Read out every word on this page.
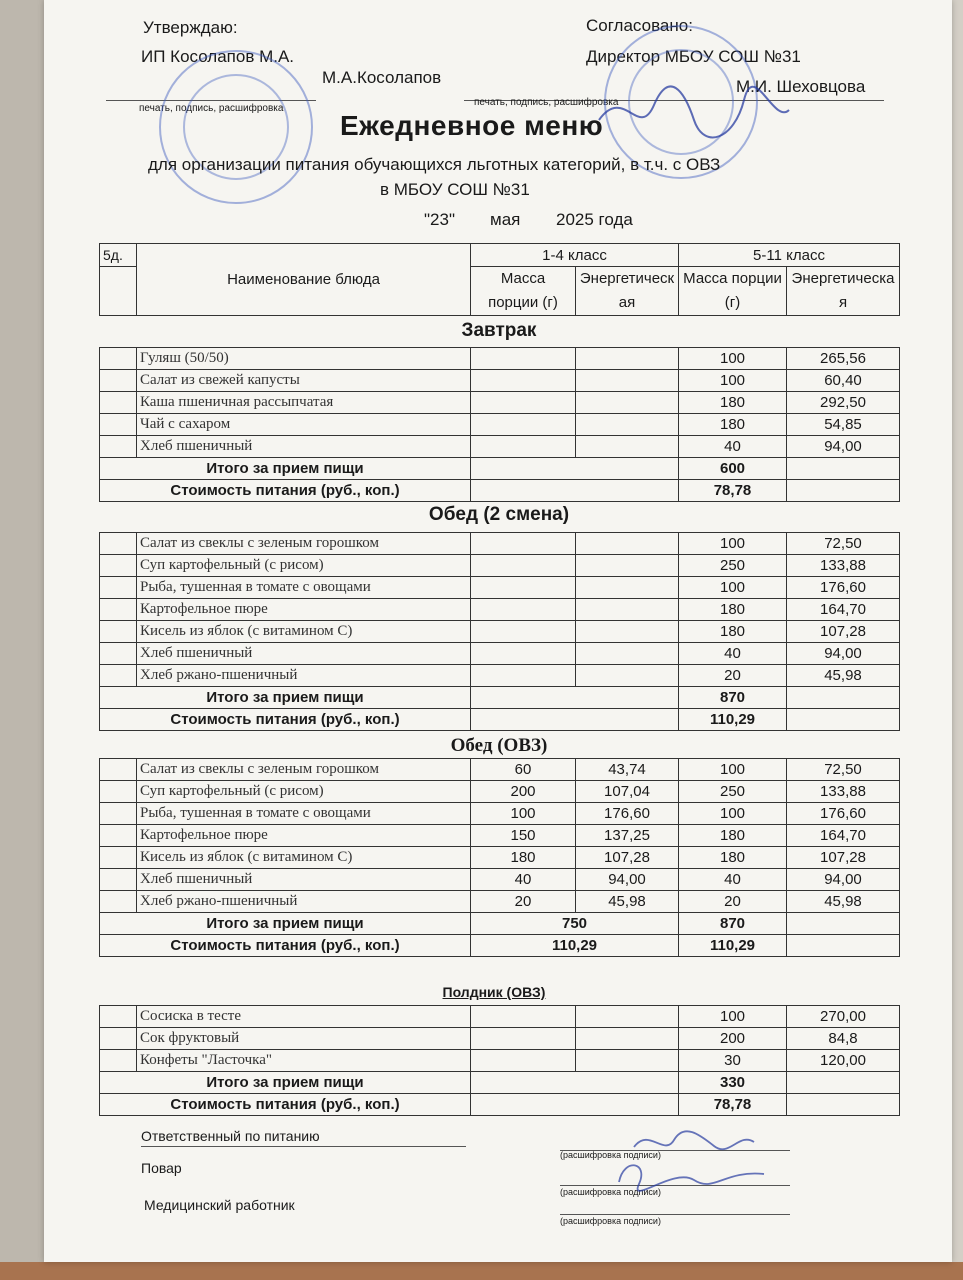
Утверждаю:
ИП Косолапов М.А.
М.А.Косолапов
печать, подпись, расшифровка
Согласовано:
Директор МБОУ СОШ №31
М.И. Шеховцова
печать, подпись, расшифровка
Ежедневное меню
для организации питания обучающихся льготных категорий, в т.ч. с ОВЗ
в МБОУ СОШ №31
"23" мая 2025 года
5д.	Наименование блюда	1-4 класс		5-11 класс	
		Масса порции (г)	Энергетическая	Масса порции (г)	Энергетическая

Завтрак
	Гуляш (50/50)			100	265,56
	Салат из свежей капусты			100	60,40
	Каша пшеничная рассыпчатая			180	292,50
	Чай с сахаром			180	54,85
	Хлеб пшеничный			40	94,00
Итого за прием пищи				600	
Стоимость питания (руб., коп.)				78,78	
Обед (2 смена)
	Салат из свеклы с зеленым горошком			100	72,50
	Суп картофельный (с рисом)			250	133,88
	Рыба, тушенная в томате с овощами			100	176,60
	Картофельное пюре			180	164,70
	Кисель из яблок (с витамином С)			180	107,28
	Хлеб пшеничный			40	94,00
	Хлеб ржано-пшеничный			20	45,98
Итого за прием пищи				870	
Стоимость питания (руб., коп.)				110,29	
Обед (ОВЗ)
	Салат из свеклы с зеленым горошком	60	43,74	100	72,50
	Суп картофельный (с рисом)	200	107,04	250	133,88
	Рыба, тушенная в томате с овощами	100	176,60	100	176,60
	Картофельное пюре	150	137,25	180	164,70
	Кисель из яблок (с витамином С)	180	107,28	180	107,28
	Хлеб пшеничный	40	94,00	40	94,00
	Хлеб ржано-пшеничный	20	45,98	20	45,98
Итого за прием пищи		750		870	
Стоимость питания (руб., коп.)		110,29		110,29	
Полдник (ОВЗ)
	Сосиска в тесте			100	270,00
	Сок фруктовый			200	84,8
	Конфеты "Ласточка"			30	120,00
Итого за прием пищи				330	
Стоимость питания (руб., коп.)				78,78	
Ответственный по питанию
Повар
Медицинский работник
(расшифровка подписи)
(расшифровка подписи)
(расшифровка подписи)
